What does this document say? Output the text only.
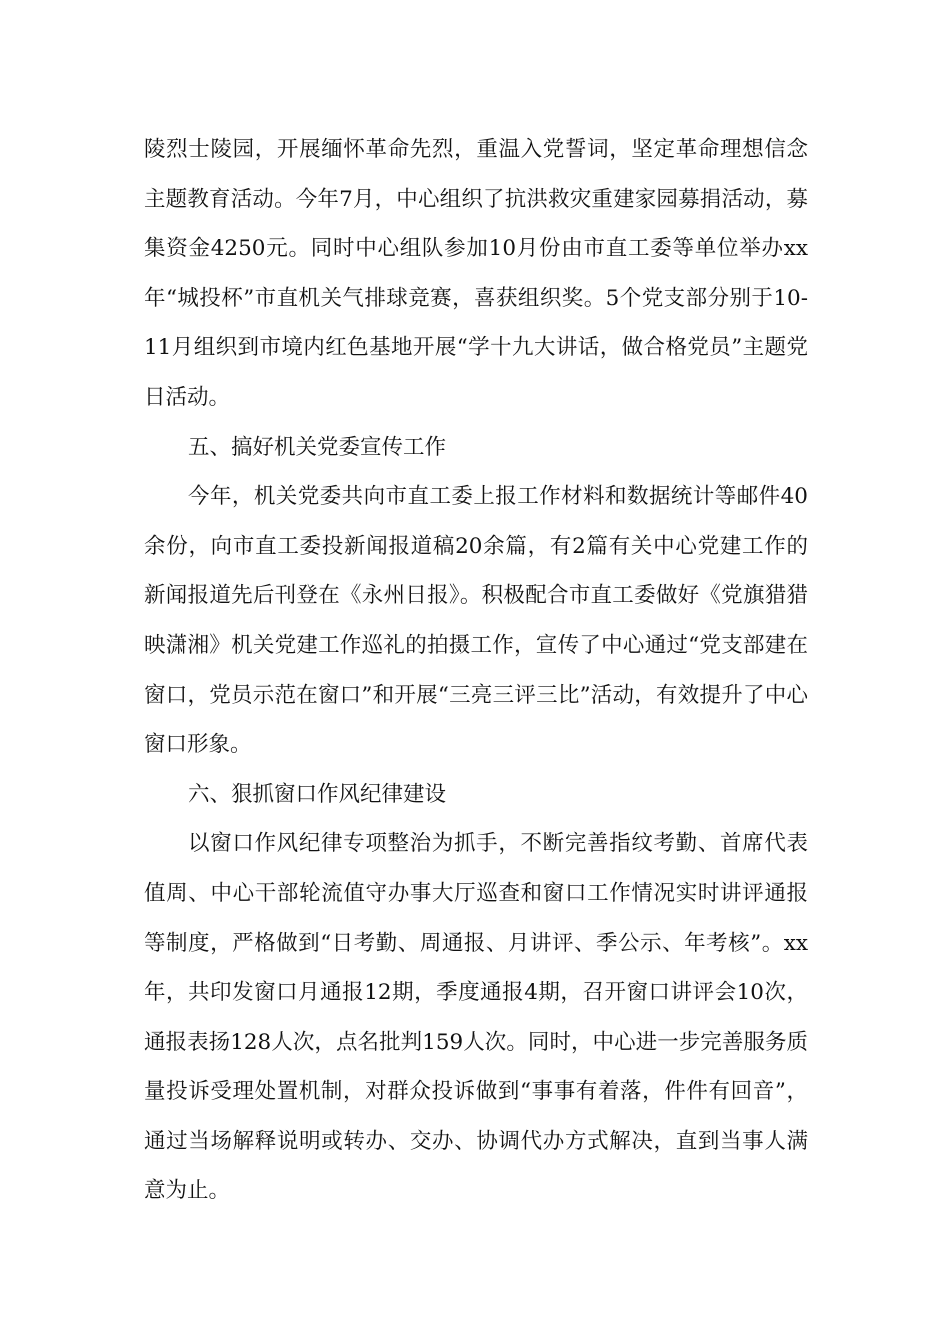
陵烈士陵园，开展缅怀革命先烈，重温入党誓词，坚定革命理想信念主题教育活动。今年7月，中心组织了抗洪救灾重建家园募捐活动，募集资金4250元。同时中心组队参加10月份由市直工委等单位举办xx年“城投杯”市直机关气排球竞赛，喜获组织奖。5个党支部分别于10-11月组织到市境内红色基地开展“学十九大讲话，做合格党员”主题党日活动。

五、搞好机关党委宣传工作

今年，机关党委共向市直工委上报工作材料和数据统计等邮件40余份，向市直工委投新闻报道稿20余篇，有2篇有关中心党建工作的新闻报道先后刊登在《永州日报》。积极配合市直工委做好《党旗猎猎映潇湘》机关党建工作巡礼的拍摄工作，宣传了中心通过“党支部建在窗口，党员示范在窗口”和开展“三亮三评三比”活动，有效提升了中心窗口形象。

六、狠抓窗口作风纪律建设

以窗口作风纪律专项整治为抓手，不断完善指纹考勤、首席代表值周、中心干部轮流值守办事大厅巡查和窗口工作情况实时讲评通报等制度，严格做到“日考勤、周通报、月讲评、季公示、年考核”。xx年，共印发窗口月通报12期，季度通报4期，召开窗口讲评会10次，通报表扬128人次，点名批判159人次。同时，中心进一步完善服务质量投诉受理处置机制，对群众投诉做到“事事有着落，件件有回音”，通过当场解释说明或转办、交办、协调代办方式解决，直到当事人满意为止。
